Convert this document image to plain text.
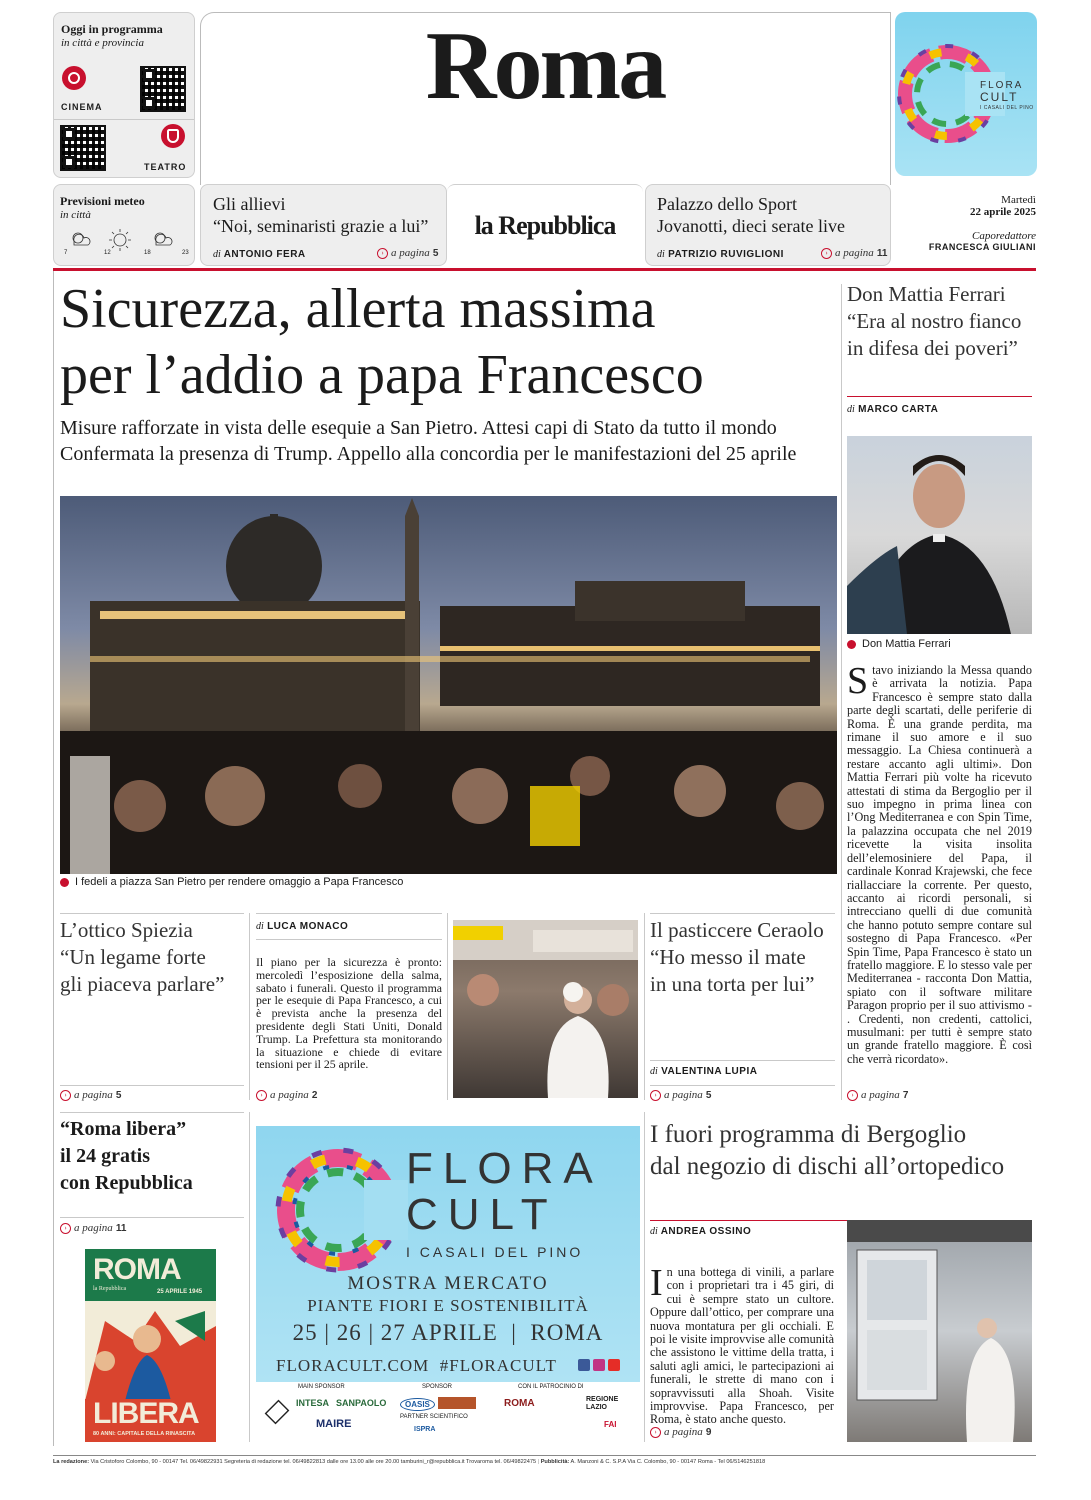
Oggi in programma
in città e provincia
CINEMA
TEATRO
Roma	FLORA
CULT
I CASALI DEL PINO
Previsioni meteo
in città
7	12	18	23
Gli allievi
“Noi, seminaristi grazie a lui”
di ANTONIO FERA	› a pagina 5
la Repubblica
Palazzo dello Sport
Jovanotti, dieci serate live
di PATRIZIO RUVIGLIONI	› a pagina 11
Martedì
22 aprile 2025
Caporedattore
FRANCESCA GIULIANI
Sicurezza, allerta massima
per l’addio a papa Francesco
Misure rafforzate in vista delle esequie a San Pietro. Attesi capi di Stato da tutto il mondo
Confermata la presenza di Trump. Appello alla concordia per le manifestazioni del 25 aprile
I fedeli a piazza San Pietro per rendere omaggio a Papa Francesco
Don Mattia Ferrari
“Era al nostro fianco
in difesa dei poveri”
di MARCO CARTA
Don Mattia Ferrari
Stavo iniziando la Messa quando è arrivata la notizia. Papa Francesco è sempre stato dalla parte degli scartati, delle periferie di Roma. È una grande perdita, ma rimane il suo amore e il suo messaggio. La Chiesa continuerà a restare accanto agli ultimi». Don Mattia Ferrari più volte ha ricevuto attestati di stima da Bergoglio per il suo impegno in prima linea con l’Ong Mediterranea e con Spin Time, la palazzina occupata che nel 2019 ricevette la visita insolita dell’elemosiniere del Papa, il cardinale Konrad Krajewski, che fece riallacciare la corrente. Per questo, accanto ai ricordi personali, si intrecciano quelli di due comunità che hanno potuto sempre contare sul sostegno di Papa Francesco. «Per Spin Time, Papa Francesco è stato un fratello maggiore. E lo stesso vale per Mediterranea - racconta Don Mattia, spiato con il software militare Paragon proprio per il suo attivismo - . Credenti, non credenti, cattolici, musulmani: per tutti è sempre stato un grande fratello maggiore. È così che verrà ricordato».
› a pagina 7
L’ottico Spiezia
“Un legame forte
gli piaceva parlare”
› a pagina 5
di LUCA MONACO
Il piano per la sicurezza è pronto: mercoledì l’esposizione della salma, sabato i funerali. Questo il programma per le esequie di Papa Francesco, a cui è prevista anche la presenza del presidente degli Stati Uniti, Donald Trump. La Prefettura sta monitorando la situazione e chiede di evitare tensioni per il 25 aprile.
› a pagina 2
Il pasticcere Ceraolo
“Ho messo il mate
in una torta per lui”
di VALENTINA LUPIA
› a pagina 5
“Roma libera”
il 24 gratis
con Repubblica
› a pagina 11
ROMA
la Repubblica	25 APRILE 1945
LIBERA
80 ANNI: CAPITALE DELLA RINASCITA
FLORA
CULT
I CASALI DEL PINO
MOSTRA MERCATO
PIANTE FIORI E SOSTENIBILITÀ
25 | 26 | 27 APRILE  |  ROMA
FLORACULT.COM  #FLORACULT
MAIN SPONSOR	SPONSOR	CON IL PATROCINIO DI
PARTNER SCIENTIFICO
INTESA SANPAOLO
MAIRE
OASIS
ISPRA
ROMA	REGIONE LAZIO
FAI
I fuori programma di Bergoglio
dal negozio di dischi all’ortopedico
di ANDREA OSSINO
In una bottega di vinili, a parlare con i proprietari tra i 45 giri, di cui è sempre stato un cultore. Oppure dall’ottico, per comprare una nuova montatura per gli occhiali. E poi le visite improvvise alle comunità che assistono le vittime della tratta, i saluti agli amici, le partecipazioni ai funerali, le strette di mano con i sopravvissuti alla Shoah. Visite improvvise. Papa Francesco, per Roma, è stato anche questo.
› a pagina 9
La redazione: Via Cristoforo Colombo, 90 - 00147 Tel. 06/49822931 Segreteria di redazione tel. 06/49822813 dalle ore 13.00 alle ore 20.00 tamburini_r@repubblica.it Trovaroma tel. 06/49822475 | Pubblicità: A. Manzoni & C. S.P.A Via C. Colombo, 90 - 00147 Roma - Tel 06/5146251818
